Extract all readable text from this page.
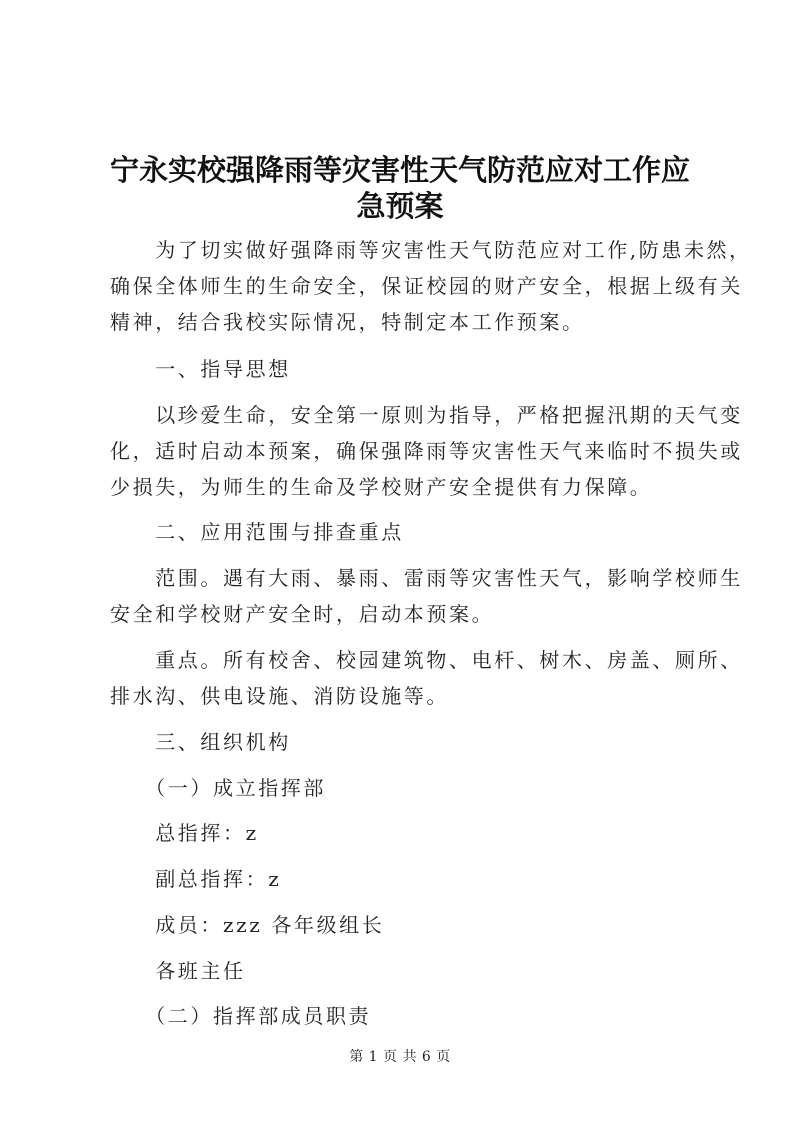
宁永实校强降雨等灾害性天气防范应对工作应
急预案
　　为了切实做好强降雨等灾害性天气防范应对工作,防患未然，
确保全体师生的生命安全，保证校园的财产安全，根据上级有关
精神，结合我校实际情况，特制定本工作预案。
　　一、指导思想
　　以珍爱生命，安全第一原则为指导，严格把握汛期的天气变
化，适时启动本预案，确保强降雨等灾害性天气来临时不损失或
少损失，为师生的生命及学校财产安全提供有力保障。
　　二、应用范围与排查重点
　　范围。遇有大雨、暴雨、雷雨等灾害性天气，影响学校师生
安全和学校财产安全时，启动本预案。
　　重点。所有校舍、校园建筑物、电杆、树木、房盖、厕所、
排水沟、供电设施、消防设施等。
　　三、组织机构
　　（一）成立指挥部
　　总指挥：z
　　副总指挥：z
　　成员：zzz 各年级组长
　　各班主任
　　（二）指挥部成员职责
第 1 页 共 6 页
